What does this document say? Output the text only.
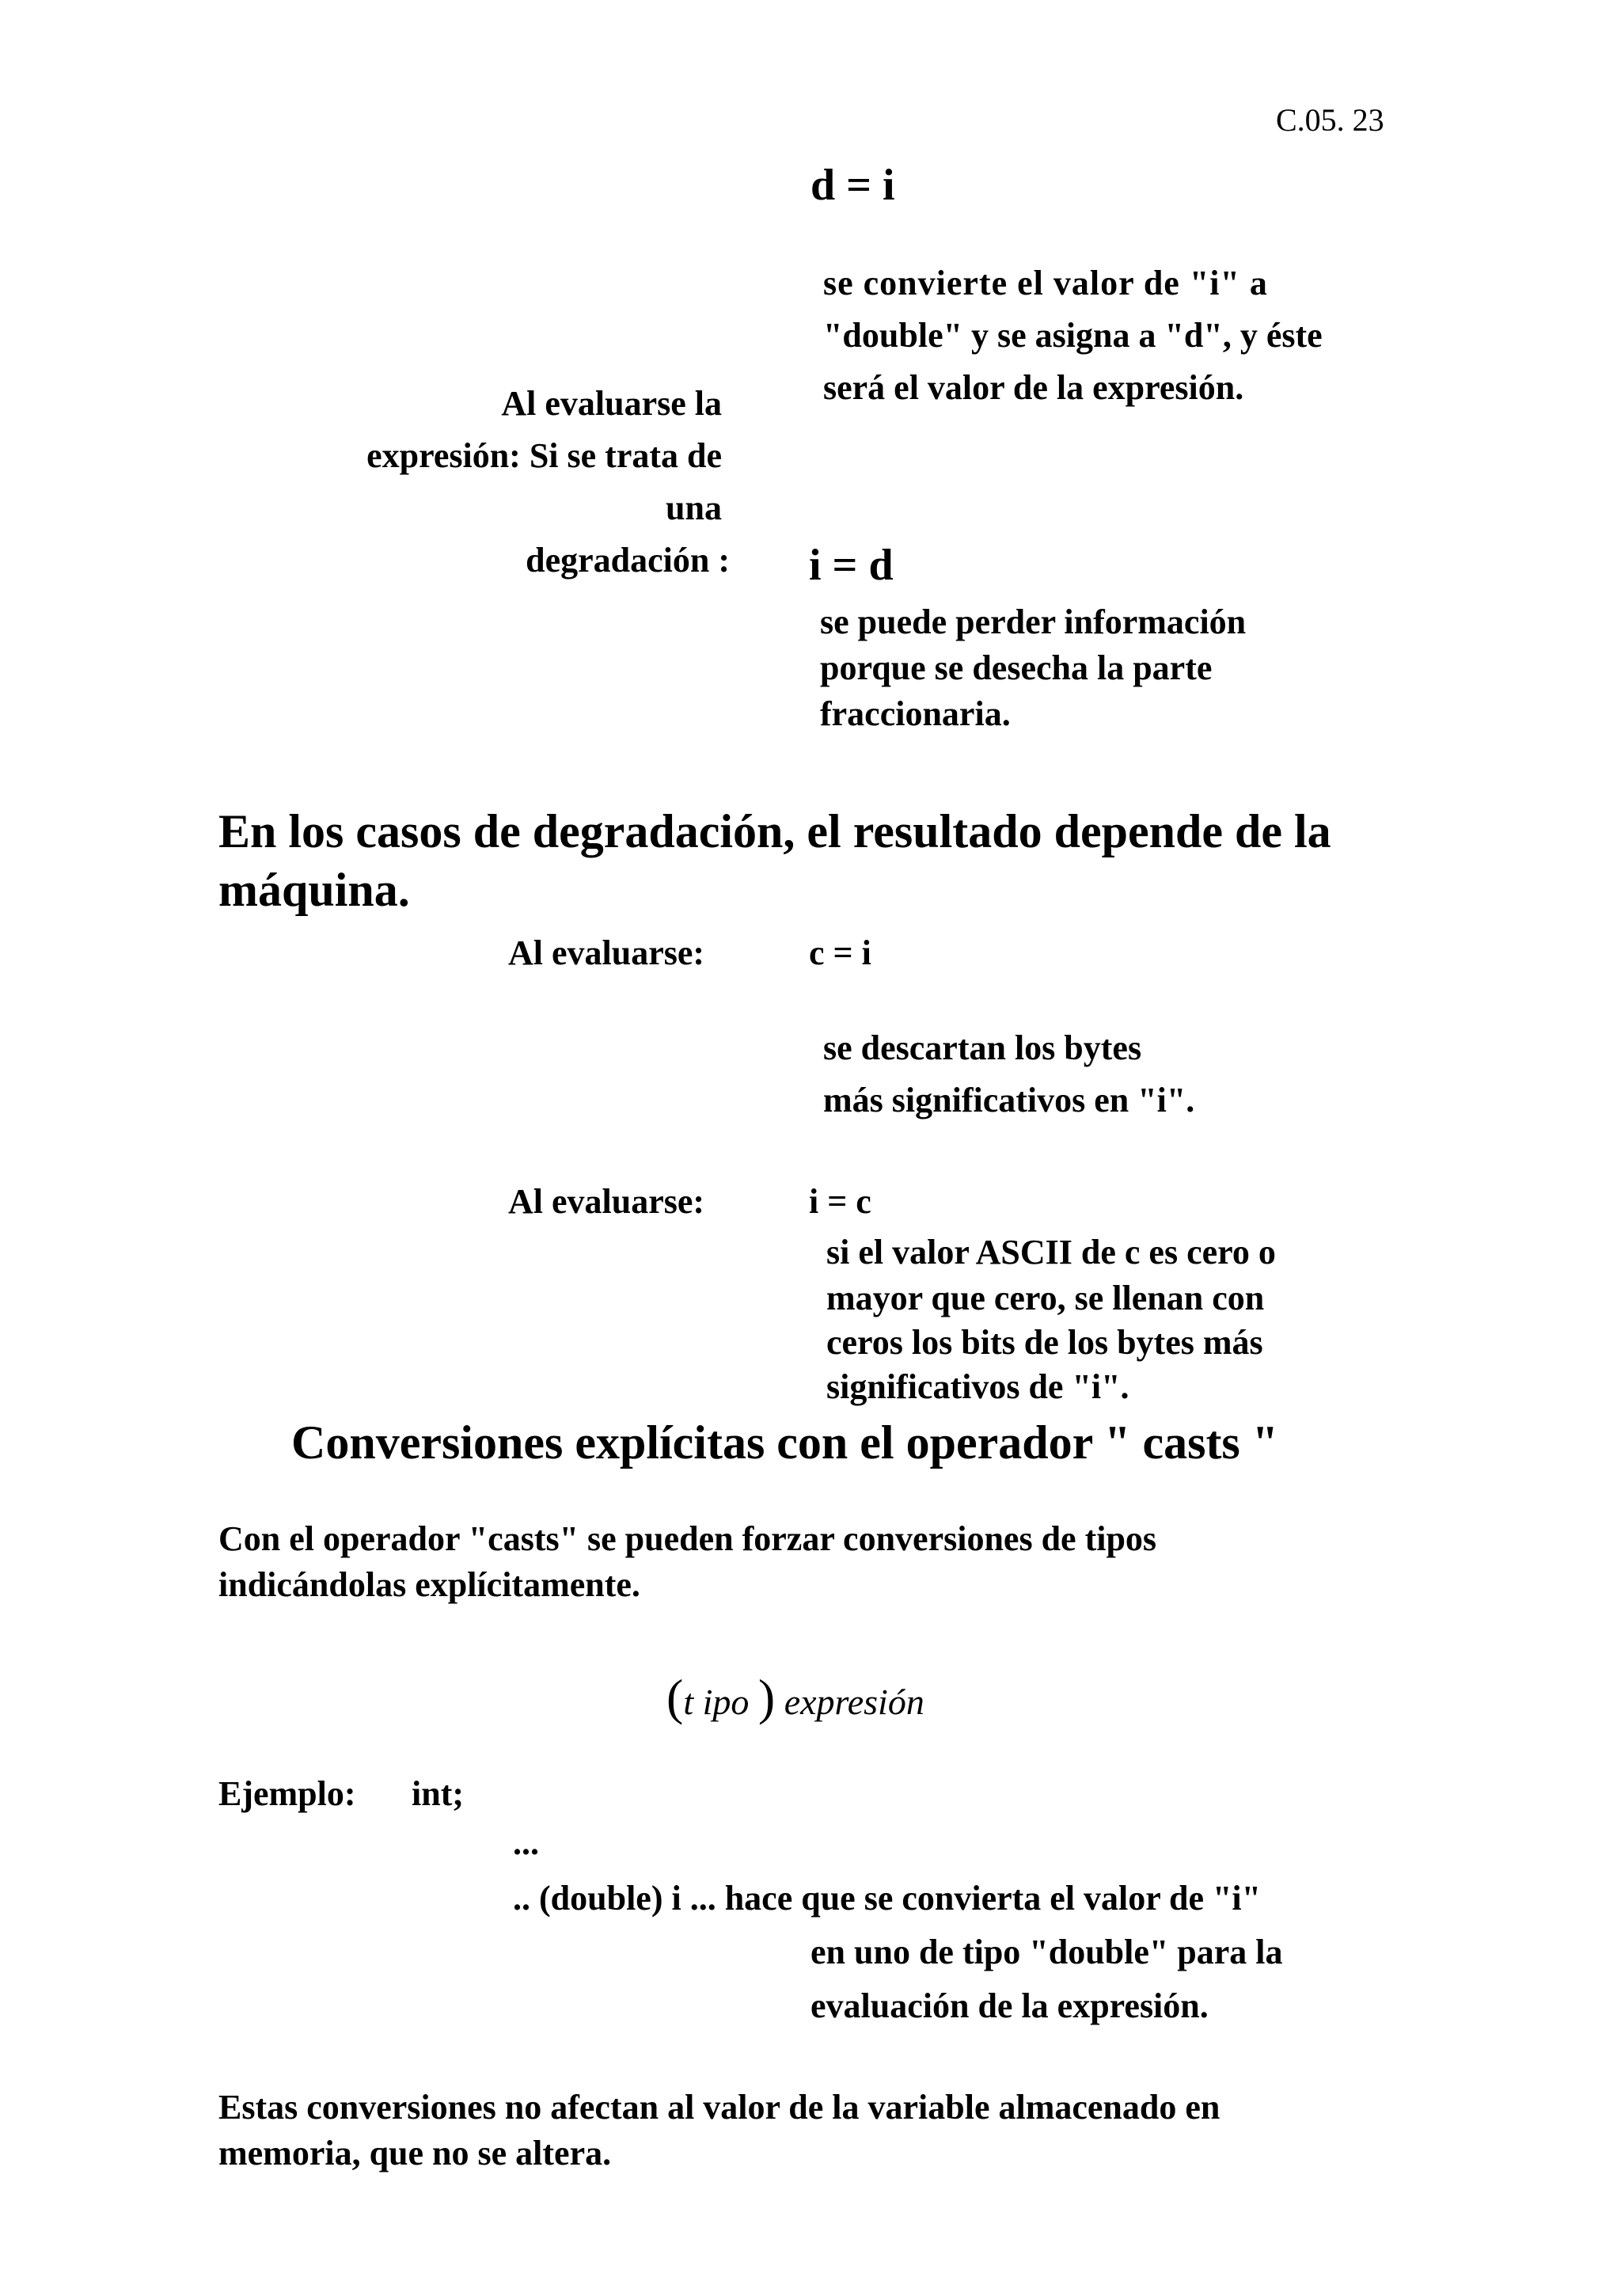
C.05. 23
d = i
se convierte el valor de "i" a
"double" y se asigna a "d", y éste
será el valor de la expresión.
Al evaluarse la
expresión: Si se trata de
una
degradación : i = d
se puede perder información
porque se desecha la parte
fraccionaria.
En los casos de degradación, el resultado depende de la
máquina.
Al evaluarse:	c = i
se descartan los bytes
más significativos en "i".
Al evaluarse:	i = c
si el valor ASCII de c es cero o
mayor que cero, se llenan con
ceros los bits de los bytes más
significativos de "i".
Conversiones explícitas con el operador " casts "
Con el operador "casts" se pueden forzar conversiones de tipos
indicándolas explícitamente.
(t ipo ) expresión
Ejemplo: int;
...
.. (double) i ... hace que se convierta el valor de "i"
en uno de tipo "double" para la
evaluación de la expresión.
Estas conversiones no afectan al valor de la variable almacenado en
memoria, que no se altera.
